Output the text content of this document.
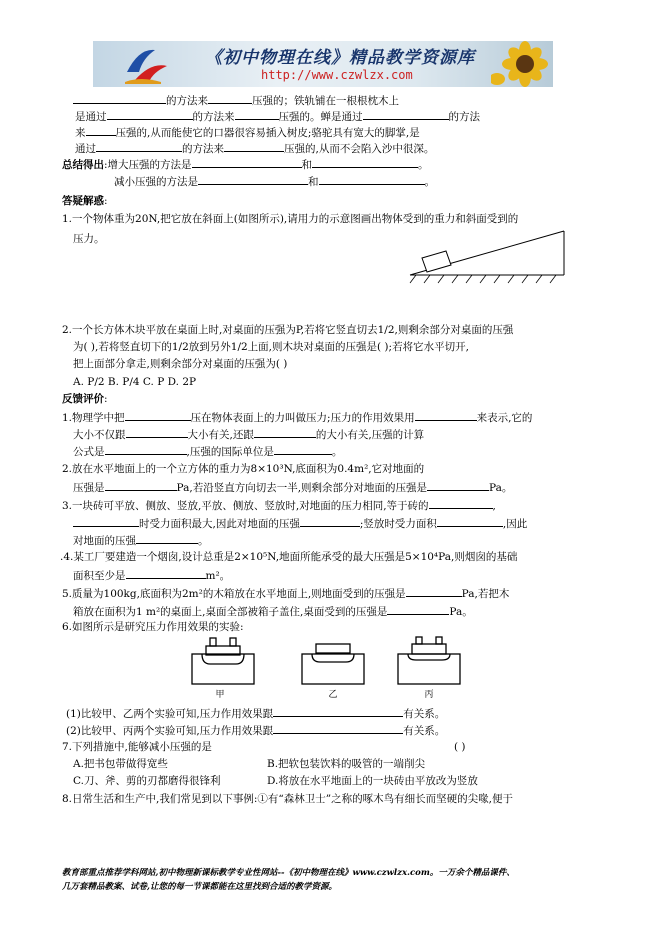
《初中物理在线》精品教学资源库
http://www.czwlzx.com
的方法来	压强的；铁轨铺在一根根枕木上
是通过	的方法来	压强的。蝉是通过	的方法
来	压强的,从而能使它的口器很容易插入树皮;骆驼具有宽大的脚掌,是
通过	的方法来	压强的,从而不会陷入沙中很深。
总结得出:增大压强的方法是	和	。
减小压强的方法是	和	。
答疑解惑:
1.一个物体重为20N,把它放在斜面上(如图所示),请用力的示意图画出物体受到的重力和斜面受到的
压力。
2.一个长方体木块平放在桌面上时,对桌面的压强为P,若将它竖直切去1/2,则剩余部分对桌面的压强
为( ),若将竖直切下的1/2放到另外1/2上面,则木块对桌面的压强是( );若将它水平切开,
把上面部分拿走,则剩余部分对桌面的压强为( )
A. P/2 B. P/4 C. P D. 2P
反馈评价:
1.物理学中把	压在物体表面上的力叫做压力;压力的作用效果用	来表示,它的
大小不仅跟	大小有关,还跟	的大小有关,压强的计算
公式是	,压强的国际单位是	。
2.放在水平地面上的一个立方体的重力为8×10³N,底面积为0.4m²,它对地面的
压强是	Pa,若沿竖直方向切去一半,则剩余部分对地面的压强是	Pa。
3.一块砖可平放、侧放、竖放,平放、侧放、竖放时,对地面的压力相同,等于砖的	,
时受力面积最大,因此对地面的压强	;竖放时受力面积	,因此
对地面的压强	。
.4.某工厂要建造一个烟囱,设计总重是2×10⁵N,地面所能承受的最大压强是5×10⁴Pa,则烟囱的基础
面积至少是	m²。
5.质量为100kg,底面积为2m²的木箱放在水平地面上,则地面受到的压强是	Pa,若把木
箱放在面积为1 m²的桌面上,桌面全部被箱子盖住,桌面受到的压强是	Pa。
6.如图所示是研究压力作用效果的实验:
甲	乙	丙
(1)比较甲、乙两个实验可知,压力作用效果跟	有关系。
(2)比较甲、丙两个实验可知,压力作用效果跟	有关系。
7.下列措施中,能够减小压强的是	( )
A.把书包带做得宽些	B.把软包装饮料的吸管的一端削尖
C.刀、斧、剪的刃都磨得很锋利	D.将放在水平地面上的一块砖由平放改为竖放
8.日常生活和生产中,我们常见到以下事例:①有“森林卫士”之称的啄木鸟有细长而坚硬的尖喙,便于
教育部重点推荐学科网站,初中物理新课标教学专业性网站--《初中物理在线》www.czwlzx.com。一万余个精品课件、
几万套精品教案、试卷,让您的每一节课都能在这里找到合适的教学资源。
